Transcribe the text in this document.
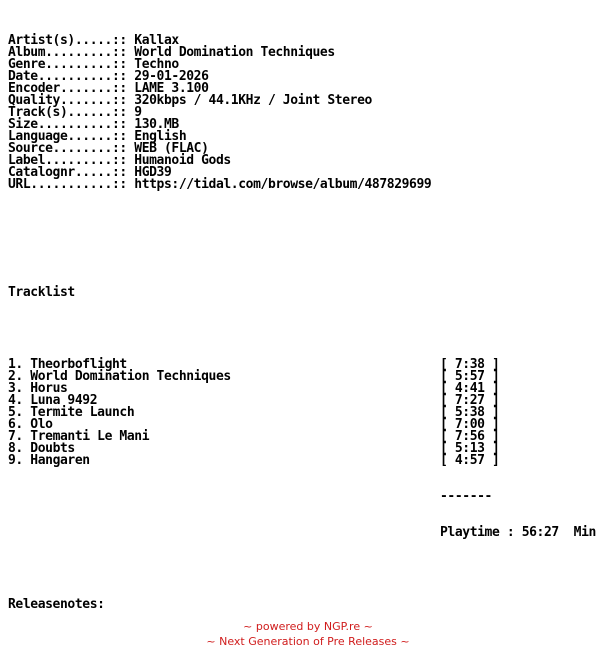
Artist(s).....:: Kallax
Album.........:: World Domination Techniques
Genre.........:: Techno
Date..........:: 29-01-2026
Encoder.......:: LAME 3.100
Quality.......:: 320kbps / 44.1KHz / Joint Stereo
Track(s)......:: 9
Size..........:: 130.MB
Language......:: English
Source........:: WEB (FLAC)
Label.........:: Humanoid Gods
Catalognr.....:: HGD39
URL...........:: https://tidal.com/browse/album/487829699

Tracklist

1. Theorboflight	[ 7:38 ]
2. World Domination Techniques	[ 5:57 ]
3. Horus	[ 4:41 ]
4. Luna 9492	[ 7:27 ]
5. Termite Launch	[ 5:38 ]
6. Olo	[ 7:00 ]
7. Tremanti Le Mani	[ 7:56 ]
8. Doubts	[ 5:13 ]
9. Hangaren	[ 4:57 ]

-------

Playtime : 56:27  Min

Releasenotes:

~ powered by NGP.re ~
~ Next Generation of Pre Releases ~
